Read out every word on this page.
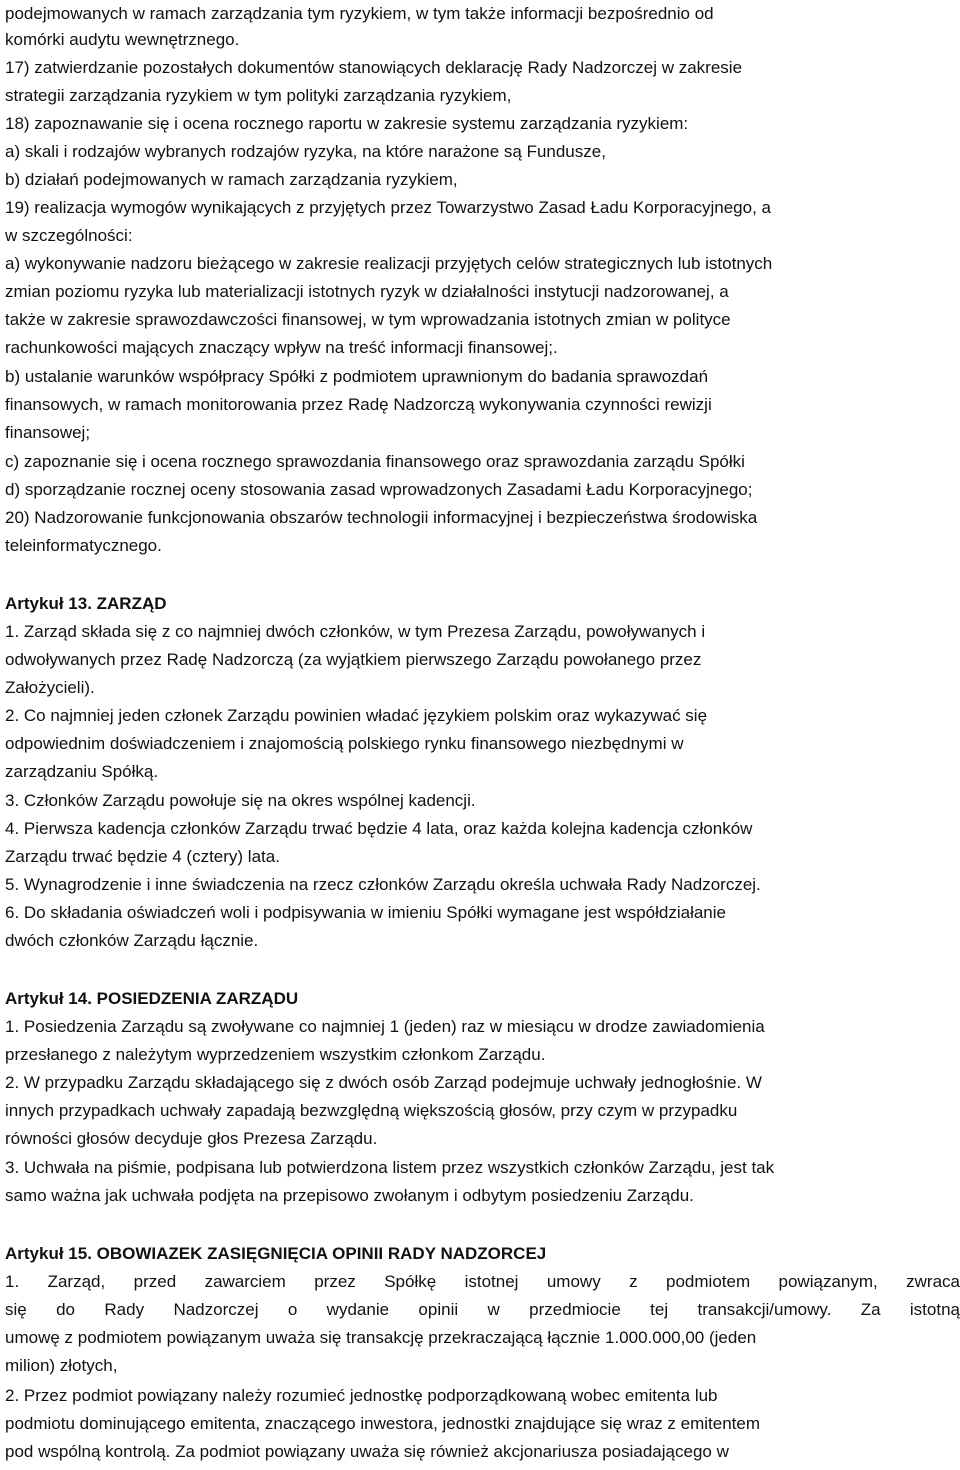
podejmowanych w ramach zarządzania tym ryzykiem, w tym także informacji bezpośrednio od
komórki audytu wewnętrznego.
17) zatwierdzanie pozostałych dokumentów stanowiących deklarację Rady Nadzorczej w zakresie
strategii zarządzania ryzykiem w tym polityki zarządzania ryzykiem,
18) zapoznawanie się i ocena rocznego raportu w zakresie systemu zarządzania ryzykiem:
a) skali i rodzajów wybranych rodzajów ryzyka, na które narażone są Fundusze,
b) działań podejmowanych w ramach zarządzania ryzykiem,
19) realizacja wymogów wynikających z przyjętych przez Towarzystwo Zasad Ładu Korporacyjnego, a
w szczególności:
a) wykonywanie nadzoru bieżącego w zakresie realizacji przyjętych celów strategicznych lub istotnych
zmian poziomu ryzyka lub materializacji istotnych ryzyk w działalności instytucji nadzorowanej, a
także w zakresie sprawozdawczości finansowej, w tym wprowadzania istotnych zmian w polityce
rachunkowości mających znaczący wpływ na treść informacji finansowej;.
b) ustalanie warunków współpracy Spółki z podmiotem uprawnionym do badania sprawozdań
finansowych, w ramach monitorowania przez Radę Nadzorczą wykonywania czynności rewizji
finansowej;
c) zapoznanie się i ocena rocznego sprawozdania finansowego oraz sprawozdania zarządu Spółki
d) sporządzanie rocznej oceny stosowania zasad wprowadzonych Zasadami Ładu Korporacyjnego;
20) Nadzorowanie funkcjonowania obszarów technologii informacyjnej i bezpieczeństwa środowiska
teleinformatycznego.
Artykuł 13. ZARZĄD
1. Zarząd składa się z co najmniej dwóch członków, w tym Prezesa Zarządu, powoływanych i
odwoływanych przez Radę Nadzorczą (za wyjątkiem pierwszego Zarządu powołanego przez
Założycieli).
2. Co najmniej jeden członek Zarządu powinien władać językiem polskim oraz wykazywać się
odpowiednim doświadczeniem i znajomością polskiego rynku finansowego niezbędnymi w
zarządzaniu Spółką.
3. Członków Zarządu powołuje się na okres wspólnej kadencji.
4. Pierwsza kadencja członków Zarządu trwać będzie 4 lata, oraz każda kolejna kadencja członków
Zarządu trwać będzie 4 (cztery) lata.
5. Wynagrodzenie i inne świadczenia na rzecz członków Zarządu określa uchwała Rady Nadzorczej.
6. Do składania oświadczeń woli i podpisywania w imieniu Spółki wymagane jest współdziałanie
dwóch członków Zarządu łącznie.
Artykuł 14. POSIEDZENIA ZARZĄDU
1. Posiedzenia Zarządu są zwoływane co najmniej 1 (jeden) raz w miesiącu w drodze zawiadomienia
przesłanego z należytym wyprzedzeniem wszystkim członkom Zarządu.
2. W przypadku Zarządu składającego się z dwóch osób Zarząd podejmuje uchwały jednogłośnie. W
innych przypadkach uchwały zapadają bezwzględną większością głosów, przy czym w przypadku
równości głosów decyduje głos Prezesa Zarządu.
3. Uchwała na piśmie, podpisana lub potwierdzona listem przez wszystkich członków Zarządu, jest tak
samo ważna jak uchwała podjęta na przepisowo zwołanym i odbytym posiedzeniu Zarządu.
Artykuł 15. OBOWIAZEK ZASIĘGNIĘCIA OPINII RADY NADZORCEJ
1. Zarząd, przed zawarciem przez Spółkę istotnej umowy z podmiotem powiązanym, zwraca
się do Rady Nadzorczej o wydanie opinii w przedmiocie tej transakcji/umowy. Za istotną
umowę z podmiotem powiązanym uważa się transakcję przekraczającą łącznie 1.000.000,00 (jeden
milion) złotych,
2. Przez podmiot powiązany należy rozumieć jednostkę podporządkowaną wobec emitenta lub
podmiotu dominującego emitenta, znaczącego inwestora, jednostki znajdujące się wraz z emitentem
pod wspólną kontrolą. Za podmiot powiązany uważa się również akcjonariusza posiadającego w
